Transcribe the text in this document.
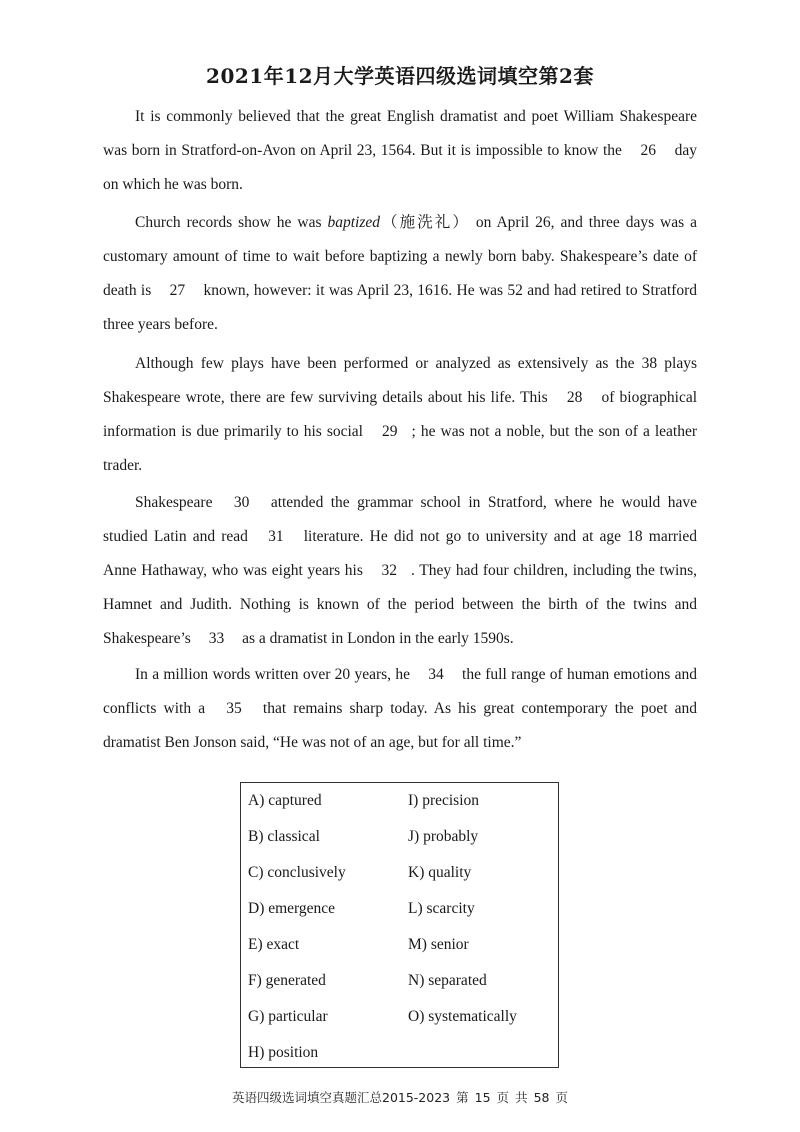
2021年12月大学英语四级选词填空第2套
It is commonly believed that the great English dramatist and poet William Shakespeare was born in Stratford-on-Avon on April 23, 1564. But it is impossible to know the 26 day on which he was born.
Church records show he was baptized（施洗礼） on April 26, and three days was a customary amount of time to wait before baptizing a newly born baby. Shakespeare’s date of death is 27 known, however: it was April 23, 1616. He was 52 and had retired to Stratford three years before.
Although few plays have been performed or analyzed as extensively as the 38 plays Shakespeare wrote, there are few surviving details about his life. This 28 of biographical information is due primarily to his social 29 ; he was not a noble, but the son of a leather trader.
Shakespeare 30 attended the grammar school in Stratford, where he would have studied Latin and read 31 literature. He did not go to university and at age 18 married Anne Hathaway, who was eight years his 32 . They had four children, including the twins, Hamnet and Judith. Nothing is known of the period between the birth of the twins and Shakespeare’s 33 as a dramatist in London in the early 1590s.
In a million words written over 20 years, he 34 the full range of human emotions and conflicts with a 35 that remains sharp today. As his great contemporary the poet and dramatist Ben Jonson said, “He was not of an age, but for all time.”
A) captured
B) classical
C) conclusively
D) emergence
E) exact
F) generated
G) particular
H) position
I) precision
J) probably
K) quality
L) scarcity
M) senior
N) separated
O) systematically
英语四级选词填空真题汇总2015-2023 第 15 页 共 58 页
